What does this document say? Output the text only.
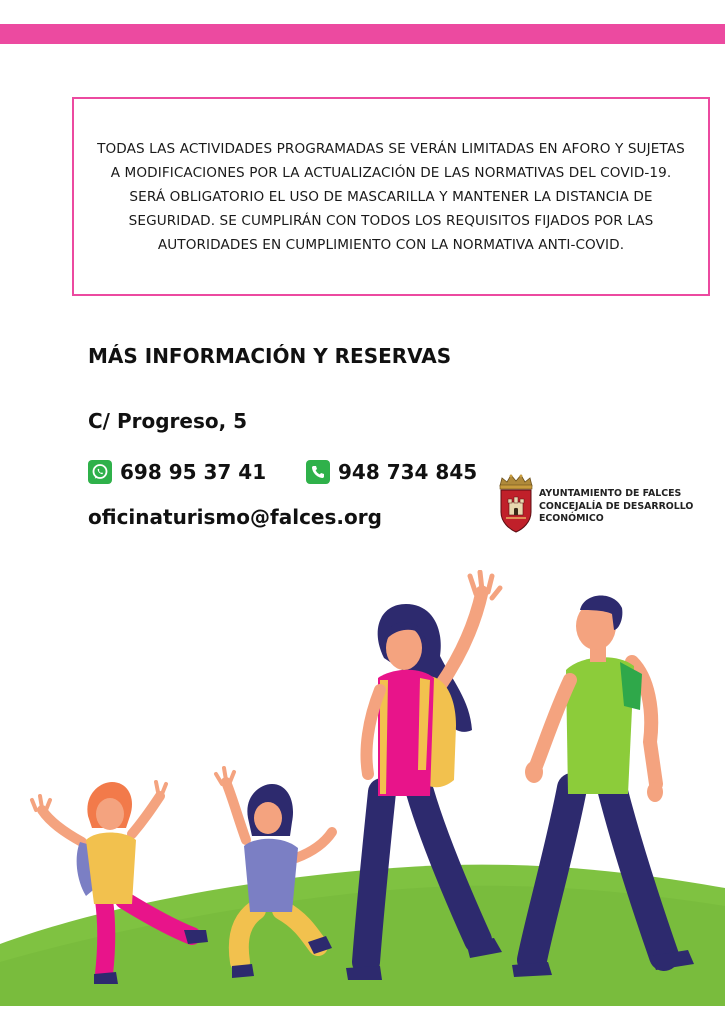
TODAS LAS ACTIVIDADES PROGRAMADAS SE VERÁN LIMITADAS EN AFORO Y SUJETAS A MODIFICACIONES POR LA ACTUALIZACIÓN DE LAS NORMATIVAS DEL COVID-19. SERÁ OBLIGATORIO EL USO DE MASCARILLA Y MANTENER LA DISTANCIA DE SEGURIDAD. SE CUMPLIRÁN CON TODOS LOS REQUISITOS FIJADOS POR LAS AUTORIDADES EN CUMPLIMIENTO CON LA NORMATIVA ANTI-COVID.

MÁS INFORMACIÓN Y RESERVAS
C/ Progreso, 5
698 95 37 41	948 734 845
oficinaturismo@falces.org
AYUNTAMIENTO DE FALCES
CONCEJALÍA DE DESARROLLO
ECONÓMICO
